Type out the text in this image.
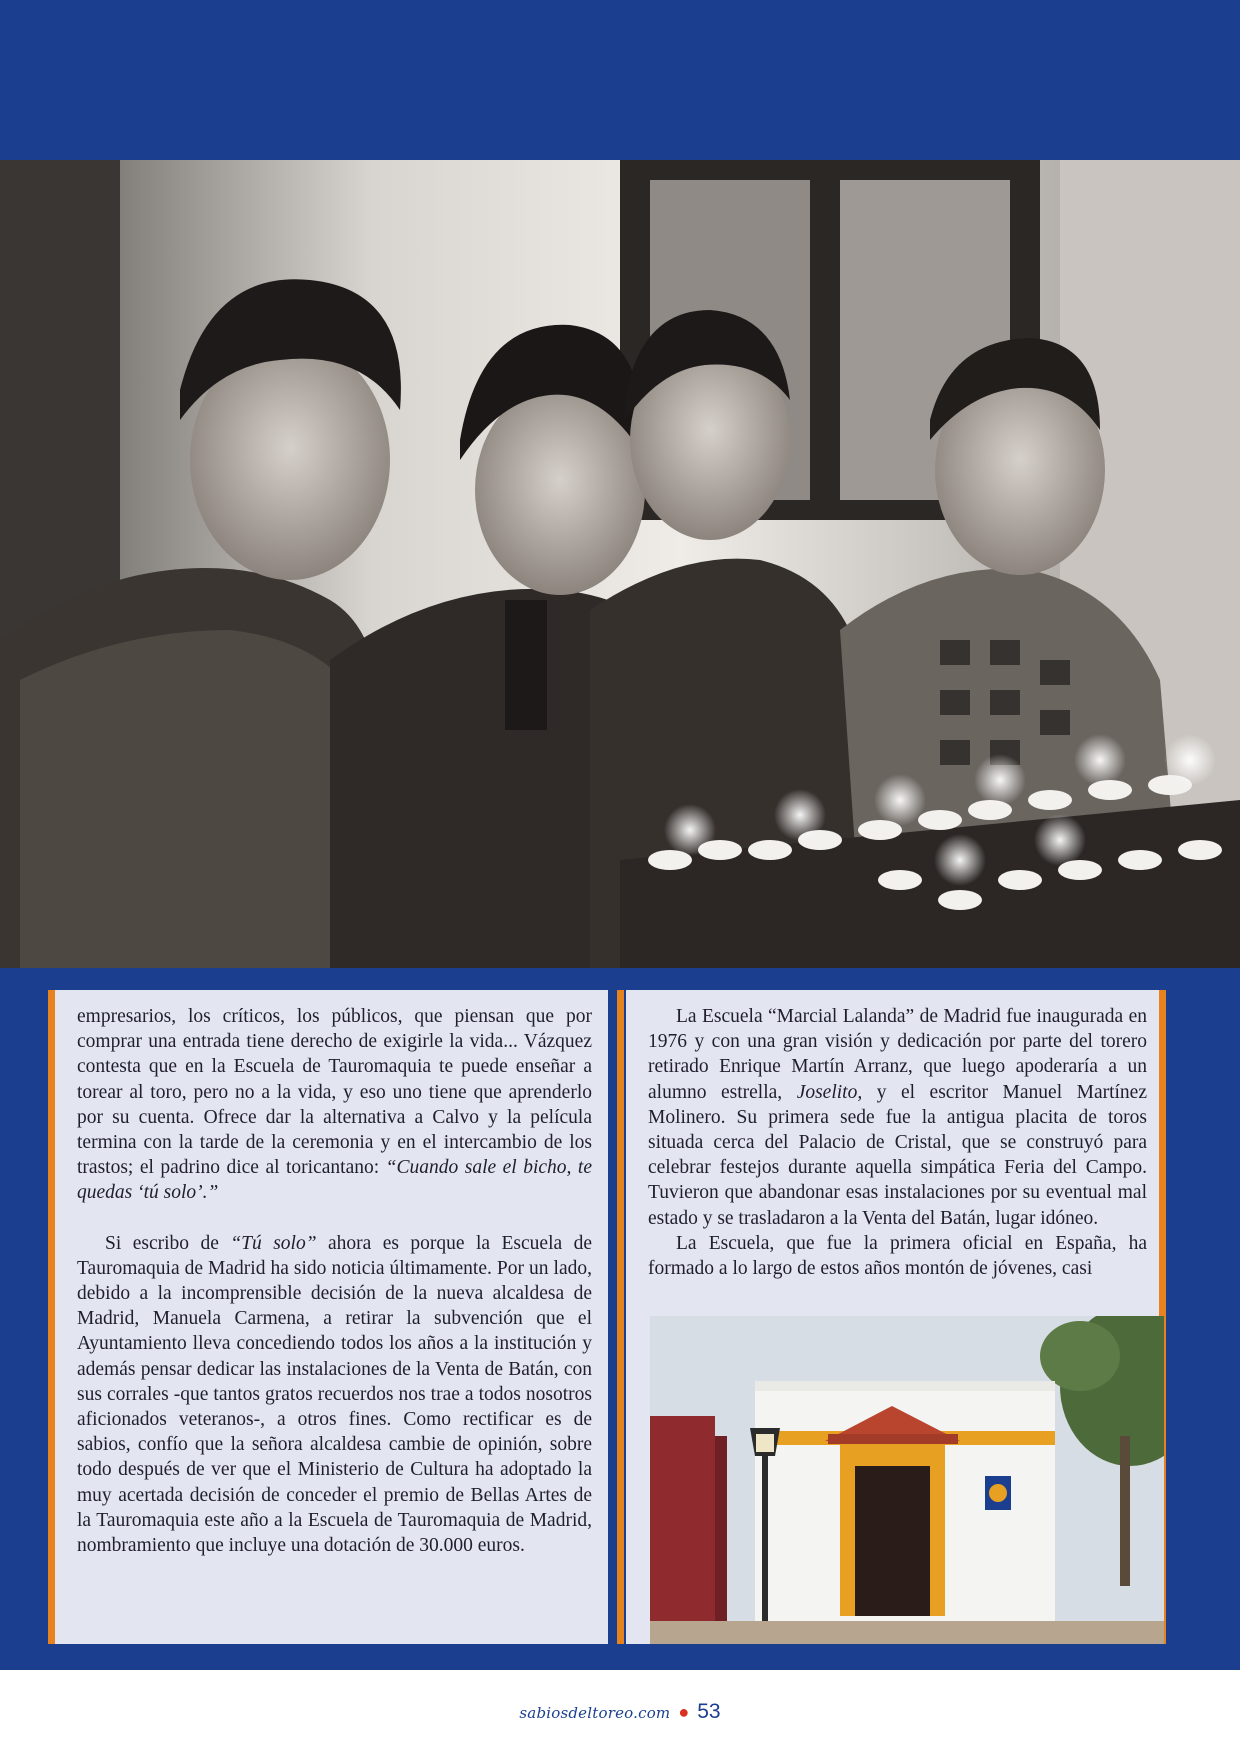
empresarios, los críticos, los públicos, que piensan que por comprar una entrada tiene derecho de exigirle la vida... Vázquez contesta que en la Escuela de Tauromaquia te puede enseñar a torear al toro, pero no a la vida, y eso uno tiene que aprenderlo por su cuenta. Ofrece dar la alternativa a Calvo y la película termina con la tarde de la ceremonia y en el intercambio de los trastos; el padrino dice al toricantano: “Cuando sale el bicho, te quedas ‘tú solo’.”

Si escribo de “Tú solo” ahora es porque la Escuela de Tauromaquia de Madrid ha sido noticia últimamente. Por un lado, debido a la incomprensible decisión de la nueva alcaldesa de Madrid, Manuela Carmena, a retirar la subvención que el Ayuntamiento lleva concediendo todos los años a la institución y además pensar dedicar las instalaciones de la Venta de Batán, con sus corrales -que tantos gratos recuerdos nos trae a todos nosotros aficionados veteranos-, a otros fines. Como rectificar es de sabios, confío que la señora alcaldesa cambie de opinión, sobre todo después de ver que el Ministerio de Cultura ha adoptado la muy acertada decisión de conceder el premio de Bellas Artes de la Tauromaquia este año a la Escuela de Tauromaquia de Madrid, nombramiento que incluye una dotación de 30.000 euros.

La Escuela “Marcial Lalanda” de Madrid fue inaugurada en 1976 y con una gran visión y dedicación por parte del torero retirado Enrique Martín Arranz, que luego apoderaría a un alumno estrella, Joselito, y el escritor Manuel Martínez Molinero. Su primera sede fue la antigua placita de toros situada cerca del Palacio de Cristal, que se construyó para celebrar festejos durante aquella simpática Feria del Campo. Tuvieron que abandonar esas instalaciones por su eventual mal estado y se trasladaron a la Venta del Batán, lugar idóneo.

La Escuela, que fue la primera oficial en España, ha formado a lo largo de estos años montón de jóvenes, casi

sabiosdeltoreo.com ● 53
